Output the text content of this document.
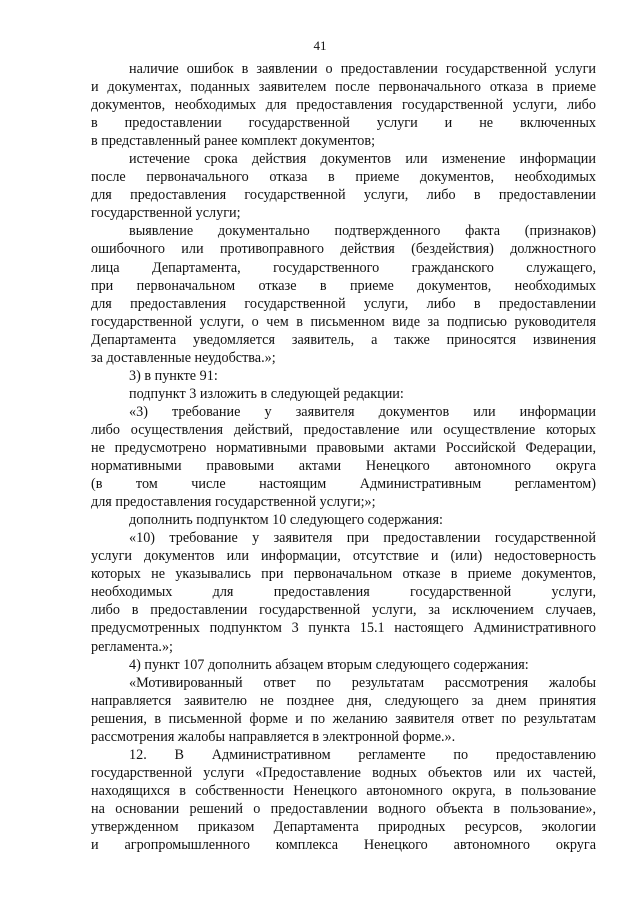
41
наличие ошибок в заявлении о предоставлении государственной услуги
и документах, поданных заявителем после первоначального отказа в приеме
документов, необходимых для предоставления государственной услуги, либо
в предоставлении государственной услуги и не включенных
в представленный ранее комплект документов;
истечение срока действия документов или изменение информации
после первоначального отказа в приеме документов, необходимых
для предоставления государственной услуги, либо в предоставлении
государственной услуги;
выявление документально подтвержденного факта (признаков)
ошибочного или противоправного действия (бездействия) должностного
лица Департамента, государственного гражданского служащего,
при первоначальном отказе в приеме документов, необходимых
для предоставления государственной услуги, либо в предоставлении
государственной услуги, о чем в письменном виде за подписью руководителя
Департамента уведомляется заявитель, а также приносятся извинения
за доставленные неудобства.»;
3) в пункте 91:
подпункт 3 изложить в следующей редакции:
«3) требование у заявителя документов или информации
либо осуществления действий, предоставление или осуществление которых
не предусмотрено нормативными правовыми актами Российской Федерации,
нормативными правовыми актами Ненецкого автономного округа
(в том числе настоящим Административным регламентом)
для предоставления государственной услуги;»;
дополнить подпунктом 10 следующего содержания:
«10) требование у заявителя при предоставлении государственной
услуги документов или информации, отсутствие и (или) недостоверность
которых не указывались при первоначальном отказе в приеме документов,
необходимых для предоставления государственной услуги,
либо в предоставлении государственной услуги, за исключением случаев,
предусмотренных подпунктом 3 пункта 15.1 настоящего Административного
регламента.»;
4) пункт 107 дополнить абзацем вторым следующего содержания:
«Мотивированный ответ по результатам рассмотрения жалобы
направляется заявителю не позднее дня, следующего за днем принятия
решения, в письменной форме и по желанию заявителя ответ по результатам
рассмотрения жалобы направляется в электронной форме.».
12. В Административном регламенте по предоставлению
государственной услуги «Предоставление водных объектов или их частей,
находящихся в собственности Ненецкого автономного округа, в пользование
на основании решений о предоставлении водного объекта в пользование»,
утвержденном приказом Департамента природных ресурсов, экологии
и агропромышленного комплекса Ненецкого автономного округа
